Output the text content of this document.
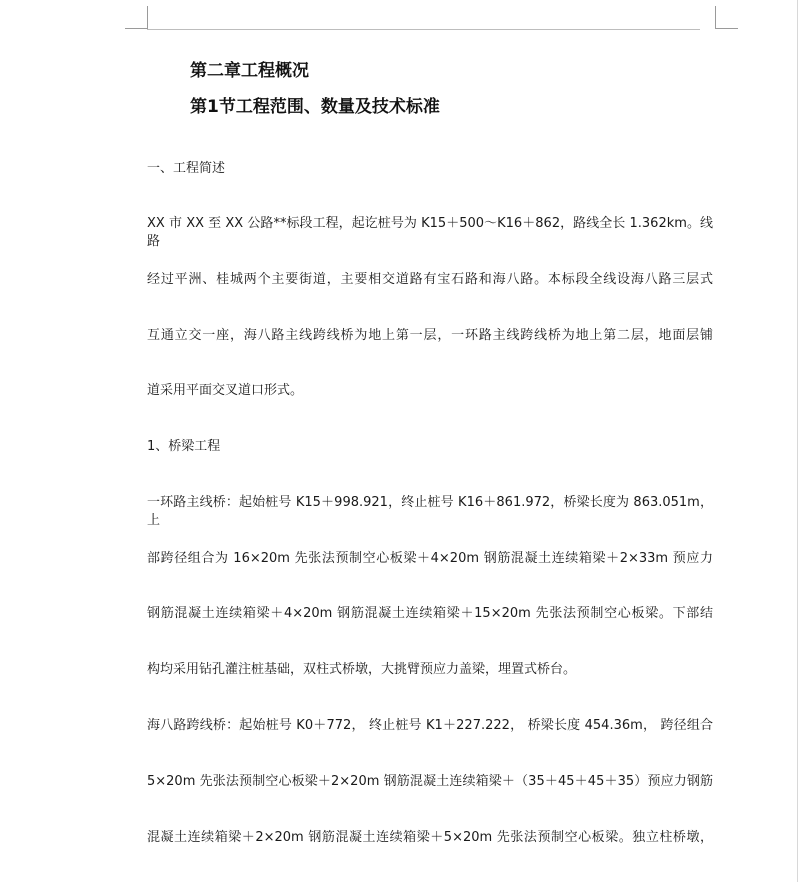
第二章工程概况
第1节工程范围、数量及技术标准
一、工程简述
XX 市 XX 至 XX 公路**标段工程，起讫桩号为 K15＋500～K16＋862，路线全长 1.362km。线路
经过平洲、桂城两个主要街道，主要相交道路有宝石路和海八路。本标段全线设海八路三层式
互通立交一座，海八路主线跨线桥为地上第一层，一环路主线跨线桥为地上第二层，地面层铺
道采用平面交叉道口形式。
1、桥梁工程
一环路主线桥：起始桩号 K15＋998.921，终止桩号 K16＋861.972，桥梁长度为 863.051m， 上
部跨径组合为 16×20m 先张法预制空心板梁＋4×20m 钢筋混凝土连续箱梁＋2×33m 预应力
钢筋混凝土连续箱梁＋4×20m 钢筋混凝土连续箱梁＋15×20m 先张法预制空心板梁。下部结
构均采用钻孔灌注桩基础，双柱式桥墩，大挑臂预应力盖梁，埋置式桥台。
海八路跨线桥：起始桩号 K0＋772， 终止桩号 K1＋227.222， 桥梁长度 454.36m， 跨径组合
5×20m 先张法预制空心板梁＋2×20m 钢筋混凝土连续箱梁＋（35＋45＋45＋35）预应力钢筋
混凝土连续箱梁＋2×20m 钢筋混凝土连续箱梁＋5×20m 先张法预制空心板梁。独立柱桥墩，
